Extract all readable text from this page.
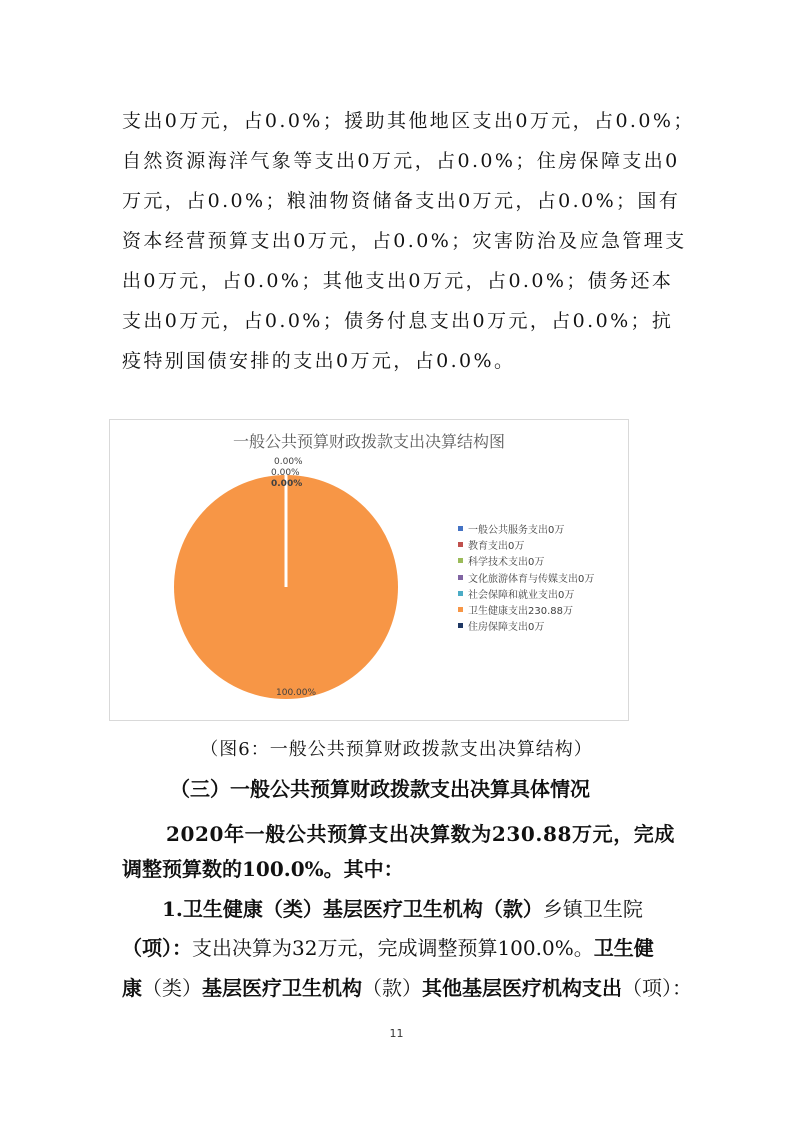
支出0万元，占0.0%；援助其他地区支出0万元，占0.0%；
自然资源海洋气象等支出0万元，占0.0%；住房保障支出0
万元，占0.0%；粮油物资储备支出0万元，占0.0%；国有
资本经营预算支出0万元，占0.0%；灾害防治及应急管理支
出0万元，占0.0%；其他支出0万元，占0.0%；债务还本
支出0万元，占0.0%；债务付息支出0万元，占0.0%；抗
疫特别国债安排的支出0万元，占0.0%。
一般公共预算财政拨款支出决算结构图
0.00%
0.00%
0.00%
100.00%
一般公共服务支出0万
教育支出0万
科学技术支出0万
文化旅游体育与传媒支出0万
社会保障和就业支出0万
卫生健康支出230.88万
住房保障支出0万
（图6：一般公共预算财政拨款支出决算结构）
（三）一般公共预算财政拨款支出决算具体情况
2020年一般公共预算支出决算数为230.88万元，完成
调整预算数的100.0%。其中：
1.卫生健康（类）基层医疗卫生机构（款）乡镇卫生院
（项）：支出决算为32万元，完成调整预算100.0%。卫生健
康（类）基层医疗卫生机构（款）其他基层医疗机构支出（项）：
11
